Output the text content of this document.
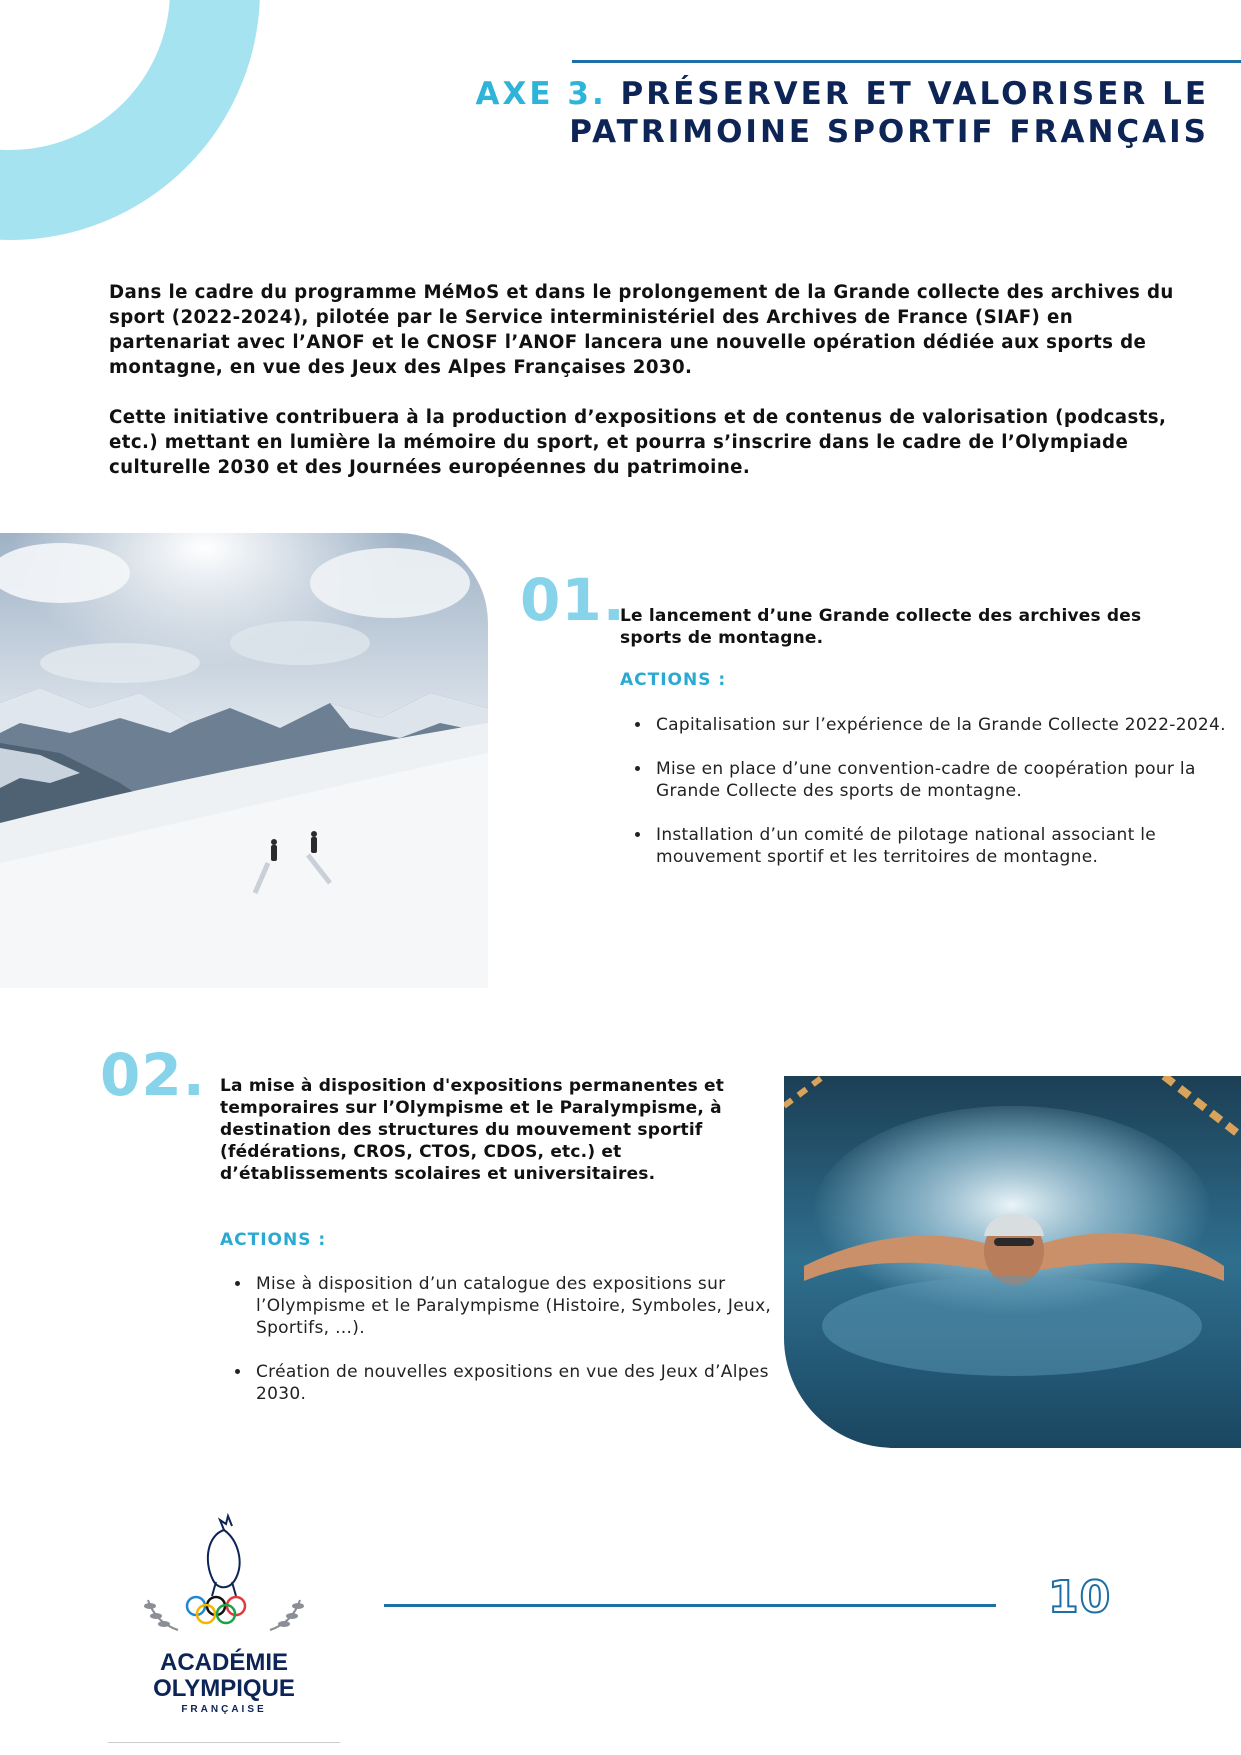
AXE 3. PRÉSERVER ET VALORISER LE
PATRIMOINE SPORTIF FRANÇAIS

Dans le cadre du programme MéMoS et dans le prolongement de la Grande collecte des archives du sport (2022-2024), pilotée par le Service interministériel des Archives de France (SIAF) en partenariat avec l’ANOF et le CNOSF l’ANOF lancera une nouvelle opération dédiée aux sports de montagne, en vue des Jeux des Alpes Françaises 2030.

Cette initiative contribuera à la production d’expositions et de contenus de valorisation (podcasts, etc.) mettant en lumière la mémoire du sport, et pourra s’inscrire dans le cadre de l’Olympiade culturelle 2030 et des Journées européennes du patrimoine.

01.
Le lancement d’une Grande collecte des archives des sports de montagne.
ACTIONS :
• Capitalisation sur l’expérience de la Grande Collecte 2022-2024.
• Mise en place d’une convention-cadre de coopération pour la Grande Collecte des sports de montagne.
• Installation d’un comité de pilotage national associant le mouvement sportif et les territoires de montagne.
02. La mise à disposition d'expositions permanentes et temporaires sur l’Olympisme et le Paralympisme, à destination des structures du mouvement sportif (fédérations, CROS, CTOS, CDOS, etc.) et d’établissements scolaires et universitaires.
ACTIONS :
• Mise à disposition d’un catalogue des expositions sur l’Olympisme et le Paralympisme (Histoire, Symboles, Jeux, Sportifs, …).
• Création de nouvelles expositions en vue des Jeux d’Alpes 2030.
ACADÉMIE
OLYMPIQUE
FRANÇAISE
10
